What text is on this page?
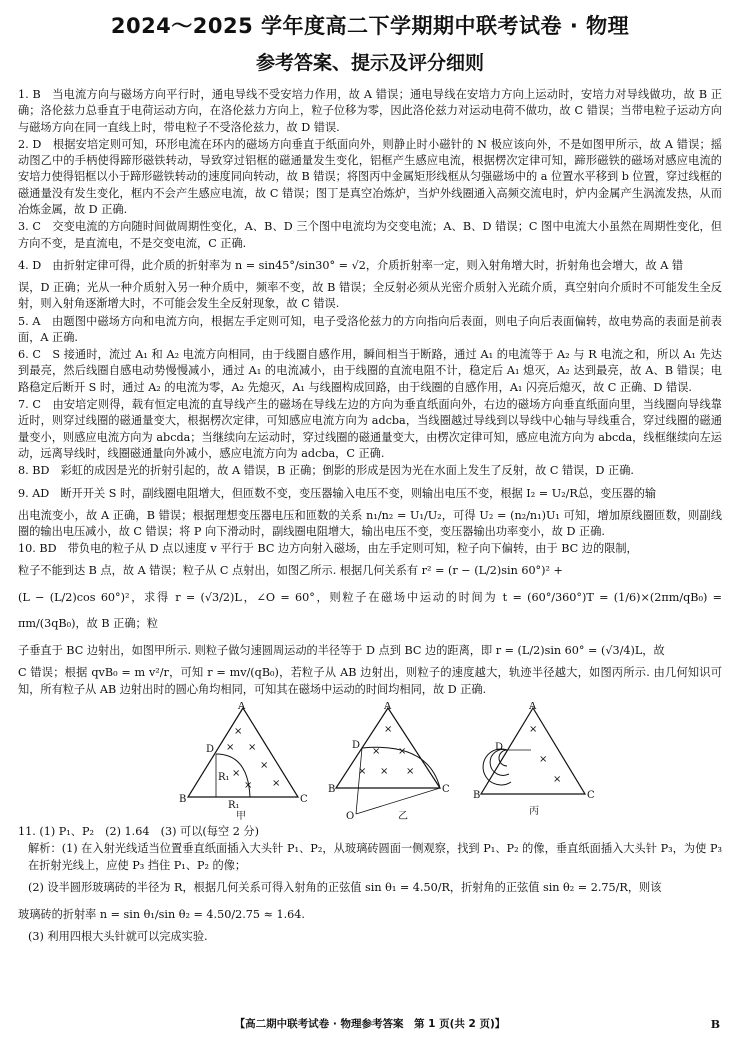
2024～2025 学年度高二下学期期中联考试卷 · 物理
参考答案、提示及评分细则

1. B　当电流方向与磁场方向平行时，通电导线不受安培力作用，故 A 错误；通电导线在安培力方向上运动时，安培力对导线做功，故 B 正确；洛伦兹力总垂直于电荷运动方向，在洛伦兹力方向上，粒子位移为零，因此洛伦兹力对运动电荷不做功，故 C 错误；当带电粒子运动方向与磁场方向在同一直线上时，带电粒子不受洛伦兹力，故 D 错误.

2. D　根据安培定则可知，环形电流在环内的磁场方向垂直于纸面向外，则静止时小磁针的 N 极应该向外，不是如图甲所示，故 A 错误；摇动图乙中的手柄使得蹄形磁铁转动，导致穿过铝框的磁通量发生变化，铝框产生感应电流，根据楞次定律可知，蹄形磁铁的磁场对感应电流的安培力使得铝框以小于蹄形磁铁转动的速度同向转动，故 B 错误；将图丙中金属矩形线框从匀强磁场中的 a 位置水平移到 b 位置，穿过线框的磁通量没有发生变化，框内不会产生感应电流，故 C 错误；图丁是真空冶炼炉，当炉外线圈通入高频交流电时，炉内金属产生涡流发热，从而冶炼金属，故 D 正确.

3. C　交变电流的方向随时间做周期性变化，A、B、D 三个图中电流均为交变电流；A、B、D 错误；C 图中电流大小虽然在周期性变化，但方向不变，是直流电，不是交变电流，C 正确.

4. D　由折射定律可得，此介质的折射率为 n = sin45°/sin30° = √2，介质折射率一定，则入射角增大时，折射角也会增大，故 A 错

误，D 正确；光从一种介质射入另一种介质中，频率不变，故 B 错误；全反射必须从光密介质射入光疏介质，真空射向介质时不可能发生全反射，则入射角逐渐增大时，不可能会发生全反射现象，故 C 错误.

5. A　由题图中磁场方向和电流方向，根据左手定则可知，电子受洛伦兹力的方向指向后表面，则电子向后表面偏转，故电势高的表面是前表面，A 正确.

6. C　S 接通时，流过 A₁ 和 A₂ 电流方向相同，由于线圈自感作用，瞬间相当于断路，通过 A₁ 的电流等于 A₂ 与 R 电流之和，所以 A₁ 先达到最亮，然后线圈自感电动势慢慢减小，通过 A₁ 的电流减小，由于线圈的直流电阻不计，稳定后 A₁ 熄灭，A₂ 达到最亮，故 A、B 错误；电路稳定后断开 S 时，通过 A₂ 的电流为零，A₂ 先熄灭，A₁ 与线圈构成回路，由于线圈的自感作用，A₁ 闪亮后熄灭，故 C 正确、D 错误.

7. C　由安培定则得，载有恒定电流的直导线产生的磁场在导线左边的方向为垂直纸面向外，右边的磁场方向垂直纸面向里，当线圈向导线靠近时，则穿过线圈的磁通量变大，根据楞次定律，可知感应电流方向为 adcba，当线圈越过导线到以导线中心轴与导线重合，穿过线圈的磁通量变小，则感应电流方向为 abcda；当继续向左运动时，穿过线圈的磁通量变大，由楞次定律可知，感应电流方向为 abcda，线框继续向左运动，远离导线时，线圈磁通量向外减小，感应电流方向为 adcba，C 正确.

8. BD　彩虹的成因是光的折射引起的，故 A 错误，B 正确；倒影的形成是因为光在水面上发生了反射，故 C 错误，D 正确.

9. AD　断开开关 S 时，副线圈电阻增大，但匝数不变，变压器输入电压不变，则输出电压不变，根据 I₂ = U₂/R总，变压器的输

出电流变小，故 A 正确，B 错误；根据理想变压器电压和匝数的关系 n₁/n₂ = U₁/U₂，可得 U₂ = (n₂/n₁)U₁ 可知，增加原线圈匝数，则副线圈的输出电压减小，故 C 错误；将 P 向下滑动时，副线圈电阻增大，输出电压不变，变压器输出功率变小，故 D 正确.

10. BD　带负电的粒子从 D 点以速度 v 平行于 BC 边方向射入磁场，由左手定则可知，粒子向下偏转，由于 BC 边的限制，

粒子不能到达 B 点，故 A 错误；粒子从 C 点射出，如图乙所示. 根据几何关系有 r² = (r − (L/2)sin 60°)² +

(L − (L/2)cos 60°)²，求得 r = (√3/2)L，∠O = 60°，则粒子在磁场中运动的时间为 t = (60°/360°)T = (1/6)×(2πm/qB₀) = πm/(3qB₀)，故 B 正确；粒

子垂直于 BC 边射出，如图甲所示. 则粒子做匀速圆周运动的半径等于 D 点到 BC 边的距离，即 r = (L/2)sin 60° = (√3/4)L，故

C 错误；根据 qvB₀ = m v²/r，可知 r = mv/(qB₀)，若粒子从 AB 边射出，则粒子的速度越大，轨迹半径越大，如图丙所示. 由几何知识可知，所有粒子从 AB 边射出时的圆心角均相同，可知其在磁场中运动的时间均相同，故 D 正确.

×
× ×
×
×
×
×
A
B	C
D
R₁
R₁
甲
×
× ×
× ×
×
A
B	C
D
O	乙
×
×
×
A
B	C
D
丙

11. (1) P₁、P₂　(2) 1.64　(3) 可以(每空 2 分)

解析：(1) 在入射光线适当位置垂直纸面插入大头针 P₁、P₂，从玻璃砖圆面一侧观察，找到 P₁、P₂ 的像，垂直纸面插入大头针 P₃，为使 P₃ 在折射光线上，应使 P₃ 挡住 P₁、P₂ 的像；

(2) 设半圆形玻璃砖的半径为 R，根据几何关系可得入射角的正弦值 sin θ₁ = 4.50/R，折射角的正弦值 sin θ₂ = 2.75/R，则该

玻璃砖的折射率 n = sin θ₁/sin θ₂ = 4.50/2.75 ≈ 1.64.

(3) 利用四根大头针就可以完成实验.

【高二期中联考试卷 · 物理参考答案　第 1 页(共 2 页)】	B
